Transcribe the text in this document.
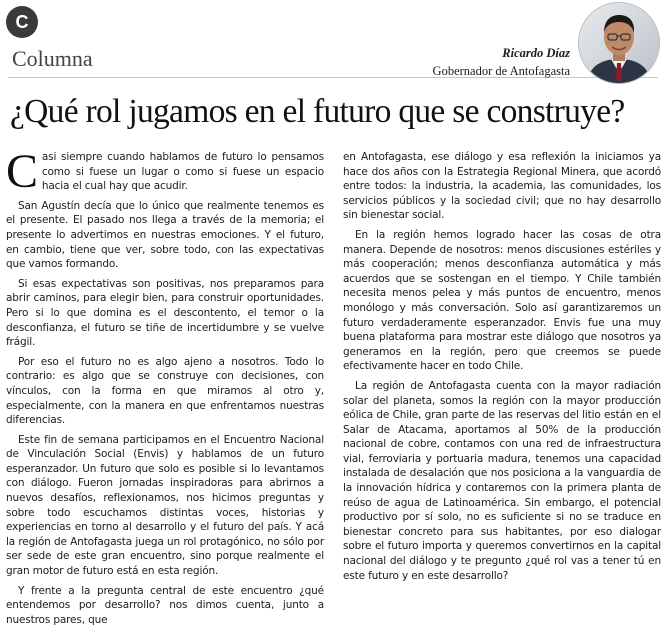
C
Columna	Ricardo Díaz
Gobernador de Antofagasta
¿Qué rol jugamos en el futuro que se construye?

Casi siempre cuando hablamos de futuro lo pensamos como si fuese un lugar o como si fuese un espacio hacia el cual hay que acudir.

San Agustín decía que lo único que realmente tenemos es el presente. El pasado nos llega a través de la memoria; el presente lo advertimos en nuestras emociones. Y el futuro, en cambio, tiene que ver, sobre todo, con las expectativas que vamos formando.

Si esas expectativas son positivas, nos preparamos para abrir caminos, para elegir bien, para construir oportunidades. Pero si lo que domina es el descontento, el temor o la desconfianza, el futuro se tiñe de incertidumbre y se vuelve frágil.

Por eso el futuro no es algo ajeno a nosotros. Todo lo contrario: es algo que se construye con decisiones, con vínculos, con la forma en que miramos al otro y, especialmente, con la manera en que enfrentamos nuestras diferencias.

Este fin de semana participamos en el Encuentro Nacional de Vinculación Social (Envis) y hablamos de un futuro esperanzador. Un futuro que solo es posible si lo levantamos con diálogo. Fueron jornadas inspiradoras para abrirnos a nuevos desafíos, reflexionamos, nos hicimos preguntas y sobre todo escuchamos distintas voces, historias y experiencias en torno al desarrollo y el futuro del país. Y acá la región de Antofagasta juega un rol protagónico, no sólo por ser sede de este gran encuentro, sino porque realmente el gran motor de futuro está en esta región.

Y frente a la pregunta central de este encuentro ¿qué entendemos por desarrollo? nos dimos cuenta, junto a nuestros pares, que

en Antofagasta, ese diálogo y esa reflexión la iniciamos ya hace dos años con la Estrategia Regional Minera, que acordó entre todos: la industria, la academia, las comunidades, los servicios públicos y la sociedad civil; que no hay desarrollo sin bienestar social.

En la región hemos logrado hacer las cosas de otra manera. Depende de nosotros: menos discusiones estériles y más cooperación; menos desconfianza automática y más acuerdos que se sostengan en el tiempo. Y Chile también necesita menos pelea y más puntos de encuentro, menos monólogo y más conversación. Solo así garantizaremos un futuro verdaderamente esperanzador. Envis fue una muy buena plataforma para mostrar este diálogo que nosotros ya generamos en la región, pero que creemos se puede efectivamente hacer en todo Chile.

La región de Antofagasta cuenta con la mayor radiación solar del planeta, somos la región con la mayor producción eólica de Chile, gran parte de las reservas del litio están en el Salar de Atacama, aportamos al 50% de la producción nacional de cobre, contamos con una red de infraestructura vial, ferroviaria y portuaria madura, tenemos una capacidad instalada de desalación que nos posiciona a la vanguardia de la innovación hídrica y contaremos con la primera planta de reúso de agua de Latinoamérica. Sin embargo, el potencial productivo por sí solo, no es suficiente si no se traduce en bienestar concreto para sus habitantes, por eso dialogar sobre el futuro importa y queremos convertirnos en la capital nacional del diálogo y te pregunto ¿qué rol vas a tener tú en este futuro y en este desarrollo?
